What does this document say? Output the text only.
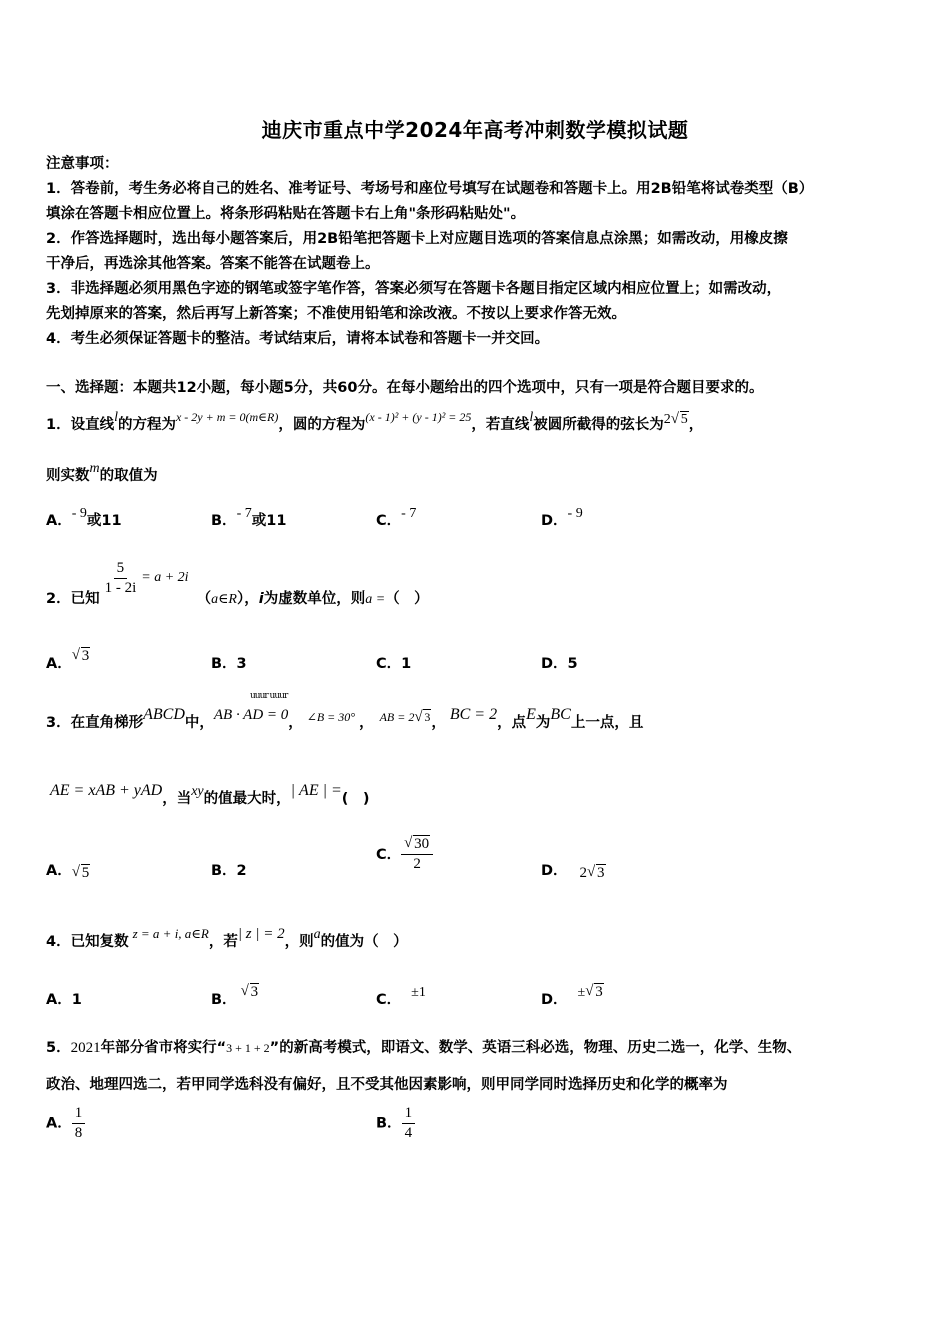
迪庆市重点中学2024年高考冲刺数学模拟试题
注意事项：
1．答卷前，考生务必将自己的姓名、准考证号、考场号和座位号填写在试题卷和答题卡上。用2B铅笔将试卷类型（B）
填涂在答题卡相应位置上。将条形码粘贴在答题卡右上角"条形码粘贴处"。
2．作答选择题时，选出每小题答案后，用2B铅笔把答题卡上对应题目选项的答案信息点涂黑；如需改动，用橡皮擦
干净后，再选涂其他答案。答案不能答在试题卷上。
3．非选择题必须用黑色字迹的钢笔或签字笔作答，答案必须写在答题卡各题目指定区域内相应位置上；如需改动，
先划掉原来的答案，然后再写上新答案；不准使用铅笔和涂改液。不按以上要求作答无效。
4．考生必须保证答题卡的整洁。考试结束后，请将本试卷和答题卡一并交回。
一、选择题：本题共12小题，每小题5分，共60分。在每小题给出的四个选项中，只有一项是符合题目要求的。
1．设直线l的方程为$^{x - 2y + m = 0(m\in R)}$，圆的方程为$^{(x - 1)^2 + (y - 1)^2 = 25}$，若直线l被圆所截得的弦长为2 √ 5，
则实数m的取值为
A．- 9或11	B．- 7或11	C．- 7	D．- 9
2．已知
$\frac{5}{1 - 2i} = a$ + 2i（a∈R），i为虚数单位，则a =（　）
A． √ 3	B．3	C．1	D．5
uuur uuur
3．在直角梯形ABCD中，AB · AD = 0， $^{\angle B = 30^\circ}$ ， $^{AB = 2}$ √ 3， BC = 2，点E为BC上一点，且
AE = xAB + yAD，当xy的值最大时，| AE | =(　)
A． √ 5	B．2
C． √ $\frac{30}{2}$	D． 2 √ 3
4．已知复数z = a + i, a∈R，若| z | = 2，则a的值为（　）
A．1	B． √ 3	C． ±1	D． ± √ 3
5．2021年部分省市将实行“3 + 1 + 2”的新高考模式，即语文、数学、英语三科必选，物理、历史二选一，化学、生物、
政治、地理四选二，若甲同学选科没有偏好，且不受其他因素影响，则甲同学同时选择历史和化学的概率为
A． $\frac{1}{8}$	B． $\frac{1}{4}$
